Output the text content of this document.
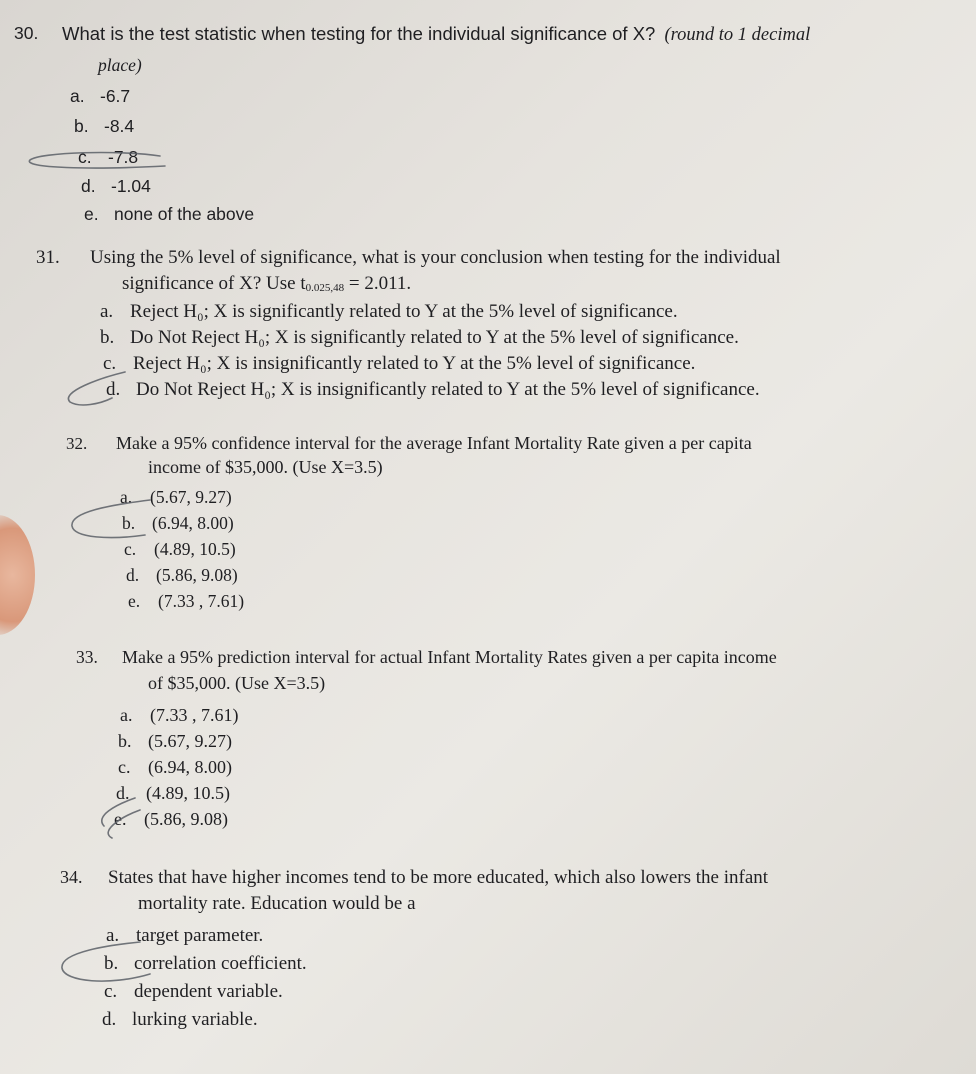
30. What is the test statistic when testing for the individual significance of X? (round to 1 decimal
place)
a. -6.7
b. -8.4
c. -7.8
d. -1.04
e. none of the above
31. Using the 5% level of significance, what is your conclusion when testing for the individual
significance of X? Use t0.025,48 = 2.011.
a. Reject H₀; X is significantly related to Y at the 5% level of significance.
b. Do Not Reject H₀; X is significantly related to Y at the 5% level of significance.
c. Reject H₀; X is insignificantly related to Y at the 5% level of significance.
d. Do Not Reject H₀; X is insignificantly related to Y at the 5% level of significance.
32. Make a 95% confidence interval for the average Infant Mortality Rate given a per capita
income of $35,000. (Use X=3.5)
a. (5.67, 9.27)
b. (6.94, 8.00)
c. (4.89, 10.5)
d. (5.86, 9.08)
e. (7.33 , 7.61)
33. Make a 95% prediction interval for actual Infant Mortality Rates given a per capita income
of $35,000. (Use X=3.5)
a. (7.33 , 7.61)
b. (5.67, 9.27)
c. (6.94, 8.00)
d. (4.89, 10.5)
e. (5.86, 9.08)
34. States that have higher incomes tend to be more educated, which also lowers the infant
mortality rate. Education would be a
a. target parameter.
b. correlation coefficient.
c. dependent variable.
d. lurking variable.
